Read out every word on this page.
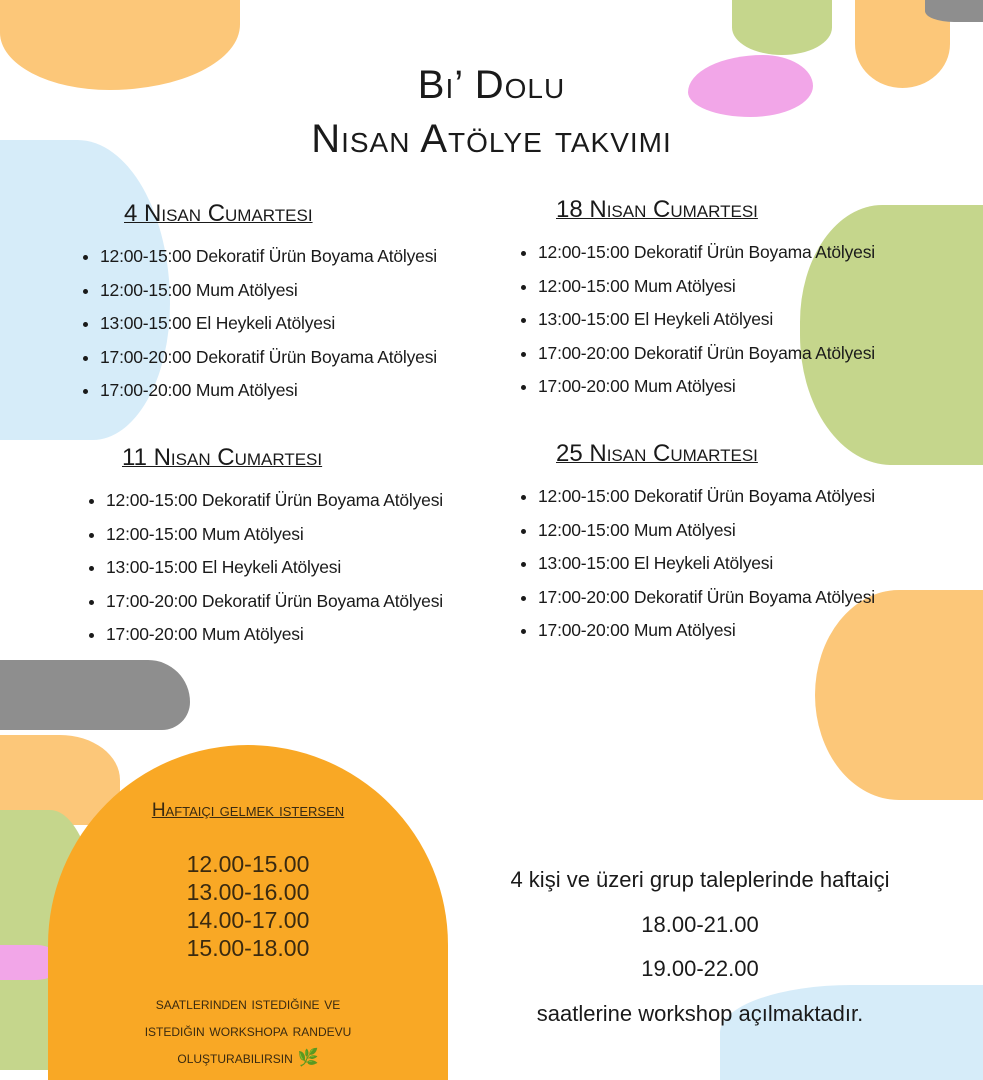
Bi’ Dolu
Nisan Atölye takvimi
4 Nisan Cumartesi
• 12:00-15:00 Dekoratif Ürün Boyama Atölyesi
• 12:00-15:00 Mum Atölyesi
• 13:00-15:00 El Heykeli Atölyesi
• 17:00-20:00 Dekoratif Ürün Boyama Atölyesi
• 17:00-20:00 Mum Atölyesi
11 Nisan Cumartesi
• 12:00-15:00 Dekoratif Ürün Boyama Atölyesi
• 12:00-15:00 Mum Atölyesi
• 13:00-15:00 El Heykeli Atölyesi
• 17:00-20:00 Dekoratif Ürün Boyama Atölyesi
• 17:00-20:00 Mum Atölyesi
18 Nisan Cumartesi
• 12:00-15:00 Dekoratif Ürün Boyama Atölyesi
• 12:00-15:00 Mum Atölyesi
• 13:00-15:00 El Heykeli Atölyesi
• 17:00-20:00 Dekoratif Ürün Boyama Atölyesi
• 17:00-20:00 Mum Atölyesi
25 Nisan Cumartesi
• 12:00-15:00 Dekoratif Ürün Boyama Atölyesi
• 12:00-15:00 Mum Atölyesi
• 13:00-15:00 El Heykeli Atölyesi
• 17:00-20:00 Dekoratif Ürün Boyama Atölyesi
• 17:00-20:00 Mum Atölyesi
Haftaiçi gelmek istersen
12.00-15.00
13.00-16.00
14.00-17.00
15.00-18.00
saatlerinden istediğine ve
istediğin workshopa randevu
oluşturabilirsin 🌿
4 kişi ve üzeri grup taleplerinde haftaiçi
18.00-21.00
19.00-22.00
saatlerine workshop açılmaktadır.
